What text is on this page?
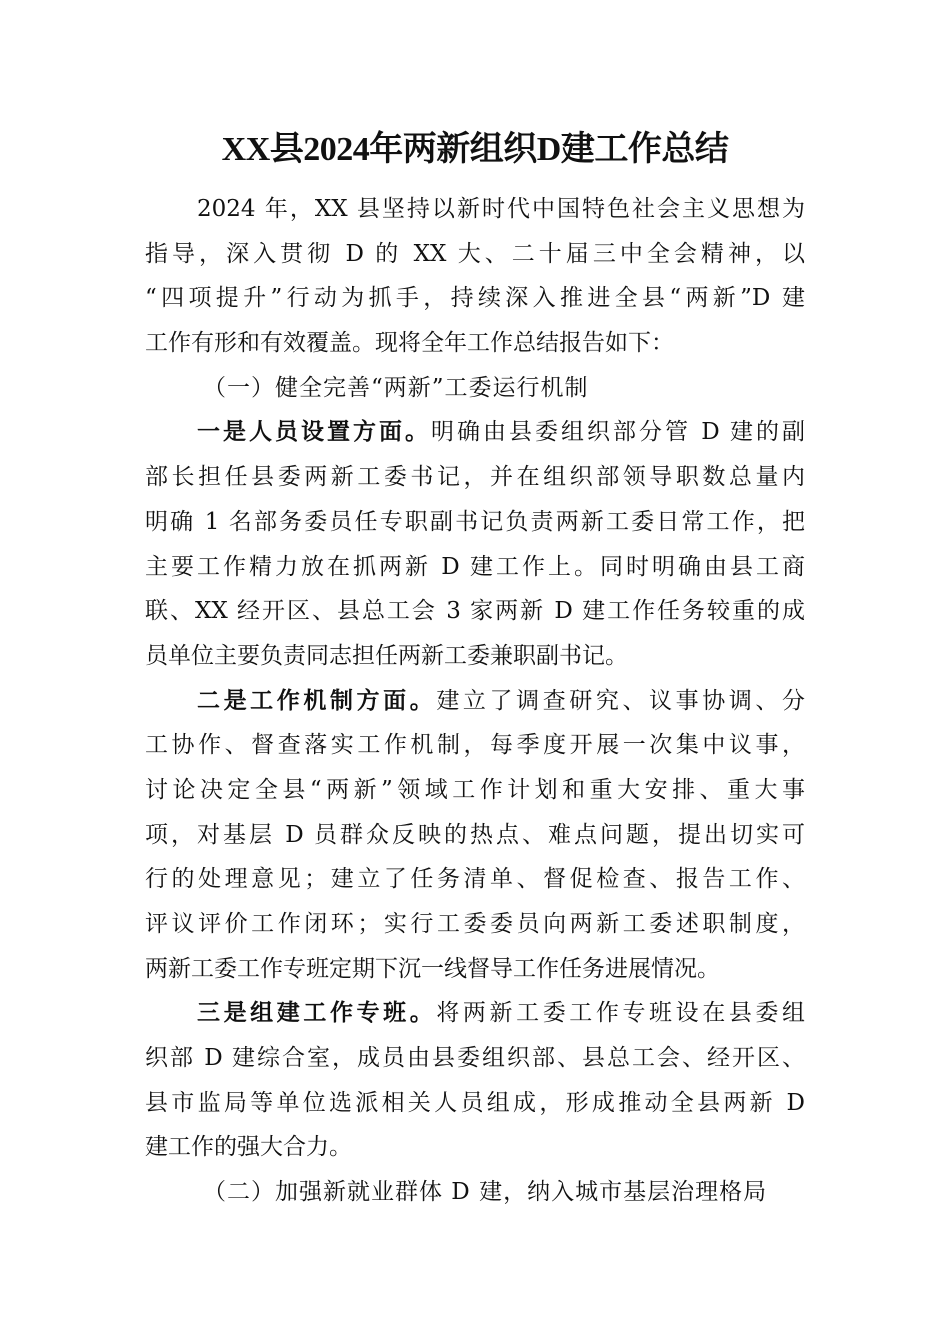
XX县2024年两新组织D建工作总结
2024 年，XX 县坚持以新时代中国特色社会主义思想为
指导，深入贯彻 D 的 XX 大、二十届三中全会精神，以
“四项提升”行动为抓手，持续深入推进全县“两新”D 建
工作有形和有效覆盖。现将全年工作总结报告如下：
（一）健全完善“两新”工委运行机制
一是人员设置方面。明确由县委组织部分管 D 建的副
部长担任县委两新工委书记，并在组织部领导职数总量内
明确 1 名部务委员任专职副书记负责两新工委日常工作，把
主要工作精力放在抓两新 D 建工作上。同时明确由县工商
联、XX 经开区、县总工会 3 家两新 D 建工作任务较重的成
员单位主要负责同志担任两新工委兼职副书记。
二是工作机制方面。建立了调查研究、议事协调、分
工协作、督查落实工作机制，每季度开展一次集中议事，
讨论决定全县“两新”领域工作计划和重大安排、重大事
项，对基层 D 员群众反映的热点、难点问题，提出切实可
行的处理意见；建立了任务清单、督促检查、报告工作、
评议评价工作闭环；实行工委委员向两新工委述职制度，
两新工委工作专班定期下沉一线督导工作任务进展情况。
三是组建工作专班。将两新工委工作专班设在县委组
织部 D 建综合室，成员由县委组织部、县总工会、经开区、
县市监局等单位选派相关人员组成，形成推动全县两新 D
建工作的强大合力。
（二）加强新就业群体 D 建，纳入城市基层治理格局
